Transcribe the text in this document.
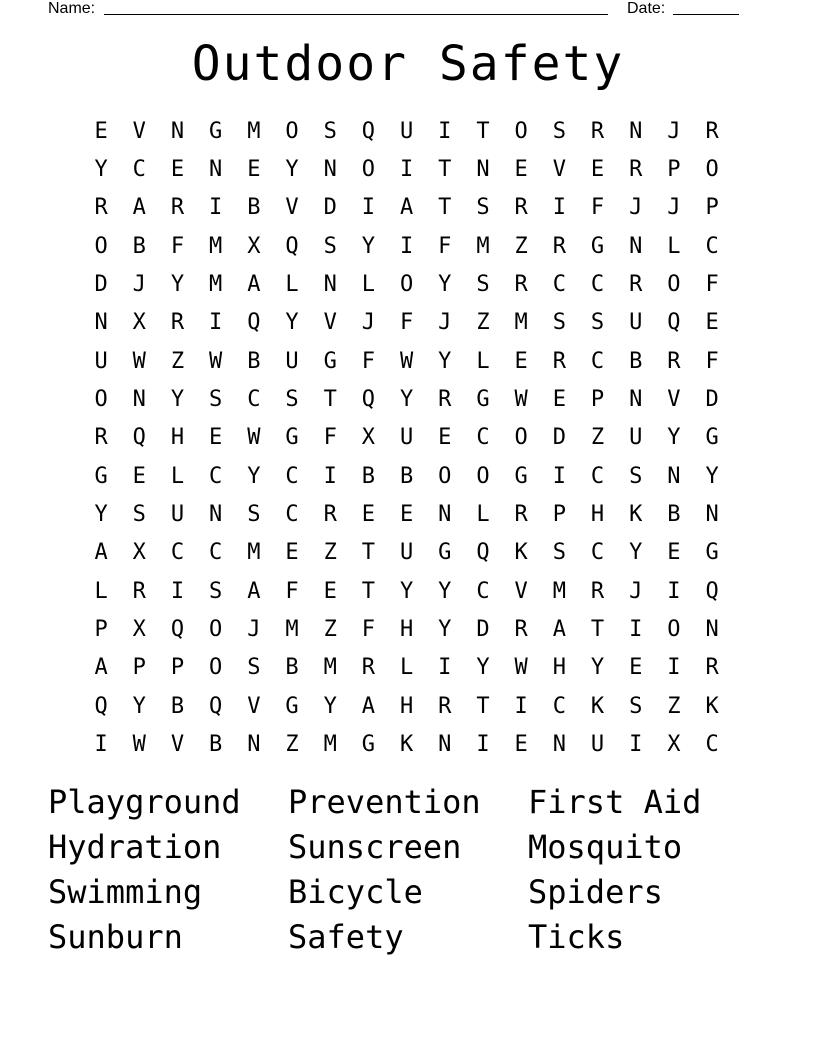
Name:	Date:
Outdoor Safety
E	V	N	G	M	O	S	Q	U	I	T	O	S	R	N	J	R
Y	C	E	N	E	Y	N	O	I	T	N	E	V	E	R	P	O
R	A	R	I	B	V	D	I	A	T	S	R	I	F	J	J	P
O	B	F	M	X	Q	S	Y	I	F	M	Z	R	G	N	L	C
D	J	Y	M	A	L	N	L	O	Y	S	R	C	C	R	O	F
N	X	R	I	Q	Y	V	J	F	J	Z	M	S	S	U	Q	E
U	W	Z	W	B	U	G	F	W	Y	L	E	R	C	B	R	F
O	N	Y	S	C	S	T	Q	Y	R	G	W	E	P	N	V	D
R	Q	H	E	W	G	F	X	U	E	C	O	D	Z	U	Y	G
G	E	L	C	Y	C	I	B	B	O	O	G	I	C	S	N	Y
Y	S	U	N	S	C	R	E	E	N	L	R	P	H	K	B	N
A	X	C	C	M	E	Z	T	U	G	Q	K	S	C	Y	E	G
L	R	I	S	A	F	E	T	Y	Y	C	V	M	R	J	I	Q
P	X	Q	O	J	M	Z	F	H	Y	D	R	A	T	I	O	N
A	P	P	O	S	B	M	R	L	I	Y	W	H	Y	E	I	R
Q	Y	B	Q	V	G	Y	A	H	R	T	I	C	K	S	Z	K
I	W	V	B	N	Z	M	G	K	N	I	E	N	U	I	X	C
Playground	Prevention	First Aid
Hydration	Sunscreen	Mosquito
Swimming	Bicycle	Spiders
Sunburn	Safety	Ticks
